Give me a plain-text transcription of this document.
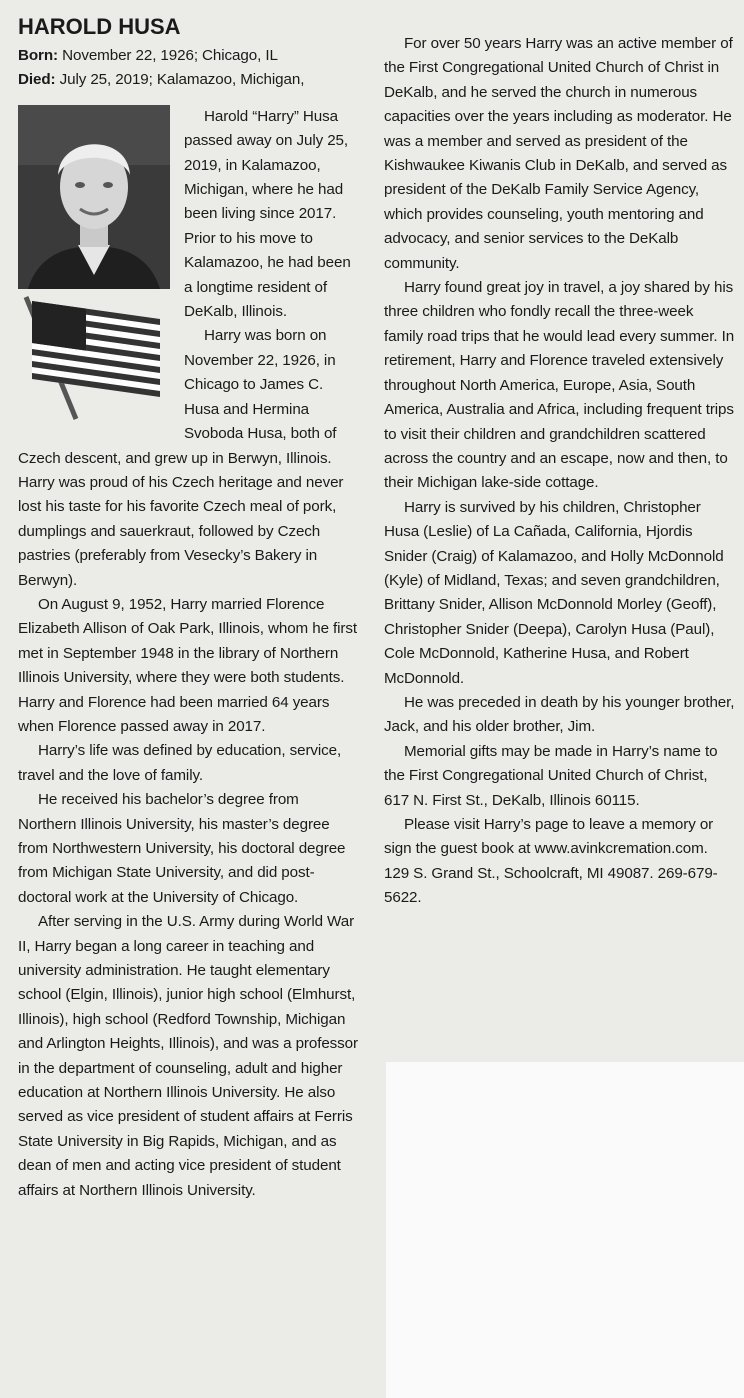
HAROLD HUSA
Born: November 22, 1926; Chicago, IL
Died: July 25, 2019; Kalamazoo, Michigan,

Harold “Harry” Husa passed away on July 25, 2019, in Kalamazoo, Michigan, where he had been living since 2017. Prior to his move to Kalamazoo, he had been a longtime resident of DeKalb, Illinois.

Harry was born on November 22, 1926, in Chicago to James C. Husa and Hermina Svoboda Husa, both of Czech descent, and grew up in Berwyn, Illinois. Harry was proud of his Czech heritage and never lost his taste for his favorite Czech meal of pork, dumplings and sauerkraut, followed by Czech pastries (preferably from Vesecky’s Bakery in Berwyn).

On August 9, 1952, Harry married Florence Elizabeth Allison of Oak Park, Illinois, whom he first met in September 1948 in the library of Northern Illinois University, where they were both students. Harry and Florence had been married 64 years when Florence passed away in 2017.

Harry’s life was defined by education, service, travel and the love of family.

He received his bachelor’s degree from Northern Illinois University, his master’s degree from Northwestern University, his doctoral degree from Michigan State University, and did post-doctoral work at the University of Chicago.

After serving in the U.S. Army during World War II, Harry began a long career in teaching and university administration. He taught elementary school (Elgin, Illinois), junior high school (Elmhurst, Illinois), high school (Redford Township, Michigan and Arlington Heights, Illinois), and was a professor in the department of counseling, adult and higher education at Northern Illinois University. He also served as vice president of student affairs at Ferris State University in Big Rapids, Michigan, and as dean of men and acting vice president of student affairs at Northern Illinois University.

For over 50 years Harry was an active member of the First Congregational United Church of Christ in DeKalb, and he served the church in numerous capacities over the years including as moderator. He was a member and served as president of the Kishwaukee Kiwanis Club in DeKalb, and served as president of the DeKalb Family Service Agency, which provides counseling, youth mentoring and advocacy, and senior services to the DeKalb community.

Harry found great joy in travel, a joy shared by his three children who fondly recall the three-week family road trips that he would lead every summer. In retirement, Harry and Florence traveled extensively throughout North America, Europe, Asia, South America, Australia and Africa, including frequent trips to visit their children and grandchildren scattered across the country and an escape, now and then, to their Michigan lake-side cottage.

Harry is survived by his children, Christopher Husa (Leslie) of La Cañada, California, Hjordis Snider (Craig) of Kalamazoo, and Holly McDonnold (Kyle) of Midland, Texas; and seven grandchildren, Brittany Snider, Allison McDonnold Morley (Geoff), Christopher Snider (Deepa), Carolyn Husa (Paul), Cole McDonnold, Katherine Husa, and Robert McDonnold.

He was preceded in death by his younger brother, Jack, and his older brother, Jim.

Memorial gifts may be made in Harry’s name to the First Congregational United Church of Christ, 617 N. First St., DeKalb, Illinois 60115.

Please visit Harry’s page to leave a memory or sign the guest book at www.avinkcremation.com. 129 S. Grand St., Schoolcraft, MI 49087. 269-679-5622.
